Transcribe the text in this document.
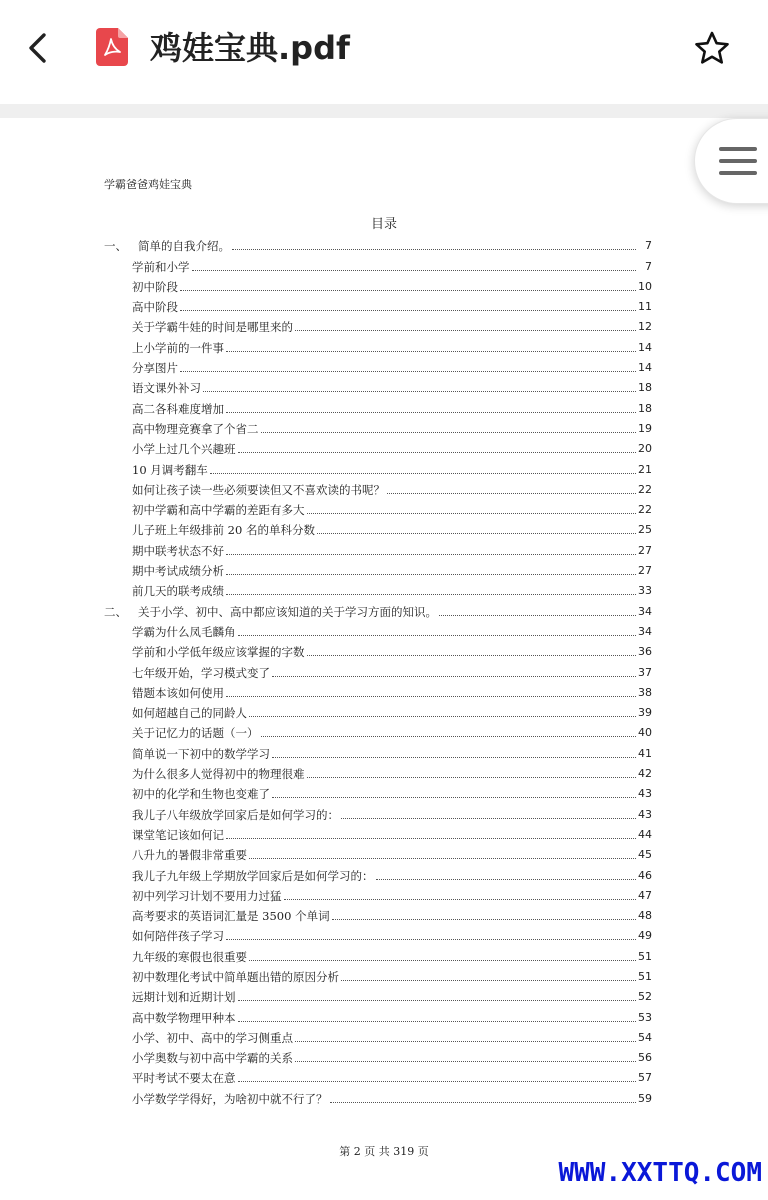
鸡娃宝典.pdf
学霸爸爸鸡娃宝典
目录
一、 简单的自我介绍。	7
学前和小学	7
初中阶段	10
高中阶段	11
关于学霸牛娃的时间是哪里来的	12
上小学前的一件事	14
分享图片	14
语文课外补习	18
高二各科难度增加	18
高中物理竞赛拿了个省二	19
小学上过几个兴趣班	20
10 月调考翻车	21
如何让孩子读一些必须要读但又不喜欢读的书呢？	22
初中学霸和高中学霸的差距有多大	22
儿子班上年级排前 20 名的单科分数	25
期中联考状态不好	27
期中考试成绩分析	27
前几天的联考成绩	33
二、 关于小学、初中、高中都应该知道的关于学习方面的知识。	34
学霸为什么凤毛麟角	34
学前和小学低年级应该掌握的字数	36
七年级开始，学习模式变了	37
错题本该如何使用	38
如何超越自己的同龄人	39
关于记忆力的话题（一）	40
简单说一下初中的数学学习	41
为什么很多人觉得初中的物理很难	42
初中的化学和生物也变难了	43
我儿子八年级放学回家后是如何学习的：	43
课堂笔记该如何记	44
八升九的暑假非常重要	45
我儿子九年级上学期放学回家后是如何学习的：	46
初中列学习计划不要用力过猛	47
高考要求的英语词汇量是 3500 个单词	48
如何陪伴孩子学习	49
九年级的寒假也很重要	51
初中数理化考试中简单题出错的原因分析	51
远期计划和近期计划	52
高中数学物理甲种本	53
小学、初中、高中的学习侧重点	54
小学奥数与初中高中学霸的关系	56
平时考试不要太在意	57
小学数学学得好，为啥初中就不行了？	59
第 2 页 共 319 页
WWW.XXTTQ.COM
